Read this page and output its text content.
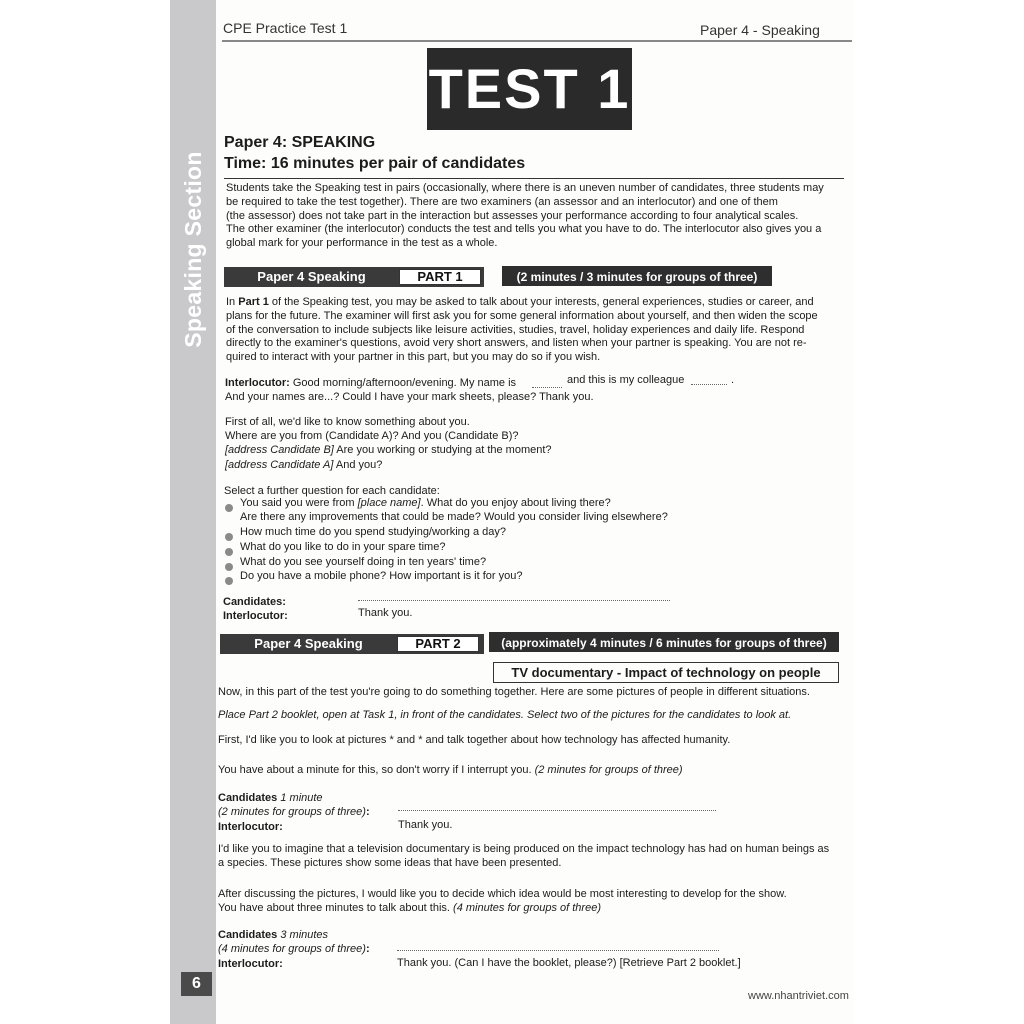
Speaking Section
6
CPE Practice Test 1	Paper 4 - Speaking
TEST 1
Paper 4: SPEAKING
Time: 16 minutes per pair of candidates

Students take the Speaking test in pairs (occasionally, where there is an uneven number of candidates, three students may

be required to take the test together). There are two examiners (an assessor and an interlocutor) and one of them

(the assessor) does not take part in the interaction but assesses your performance according to four analytical scales.

The other examiner (the interlocutor) conducts the test and tells you what you have to do. The interlocutor also gives you a

global mark for your performance in the test as a whole.

Paper 4 Speaking	PART 1	(2 minutes / 3 minutes for groups of three)

In Part 1 of the Speaking test, you may be asked to talk about your interests, general experiences, studies or career, and

plans for the future. The examiner will first ask you for some general information about yourself, and then widen the scope

of the conversation to include subjects like leisure activities, studies, travel, holiday experiences and daily life. Respond

directly to the examiner's questions, avoid very short answers, and listen when your partner is speaking. You are not re-

quired to interact with your partner in this part, but you may do so if you wish.

Interlocutor: Good morning/afternoon/evening. My name is	and this is my colleague	.
And your names are...? Could I have your mark sheets, please? Thank you.
First of all, we'd like to know something about you.
Where are you from (Candidate A)? And you (Candidate B)?
[address Candidate B] Are you working or studying at the moment?
[address Candidate A] And you?
Select a further question for each candidate:
You said you were from [place name]. What do you enjoy about living there?
Are there any improvements that could be made? Would you consider living elsewhere?
How much time do you spend studying/working a day?
What do you like to do in your spare time?
What do you see yourself doing in ten years' time?
Do you have a mobile phone? How important is it for you?
Candidates:
Interlocutor:	Thank you.
Paper 4 Speaking	PART 2	(approximately 4 minutes / 6 minutes for groups of three)
TV documentary - Impact of technology on people
Now, in this part of the test you're going to do something together. Here are some pictures of people in different situations.
Place Part 2 booklet, open at Task 1, in front of the candidates. Select two of the pictures for the candidates to look at.
First, I'd like you to look at pictures * and * and talk together about how technology has affected humanity.
You have about a minute for this, so don't worry if I interrupt you. (2 minutes for groups of three)
Candidates 1 minute
(2 minutes for groups of three):
Interlocutor:	Thank you.
I'd like you to imagine that a television documentary is being produced on the impact technology has had on human beings as
a species. These pictures show some ideas that have been presented.
After discussing the pictures, I would like you to decide which idea would be most interesting to develop for the show.
You have about three minutes to talk about this. (4 minutes for groups of three)
Candidates 3 minutes
(4 minutes for groups of three):
Interlocutor:	Thank you. (Can I have the booklet, please?) [Retrieve Part 2 booklet.]
www.nhantriviet.com
